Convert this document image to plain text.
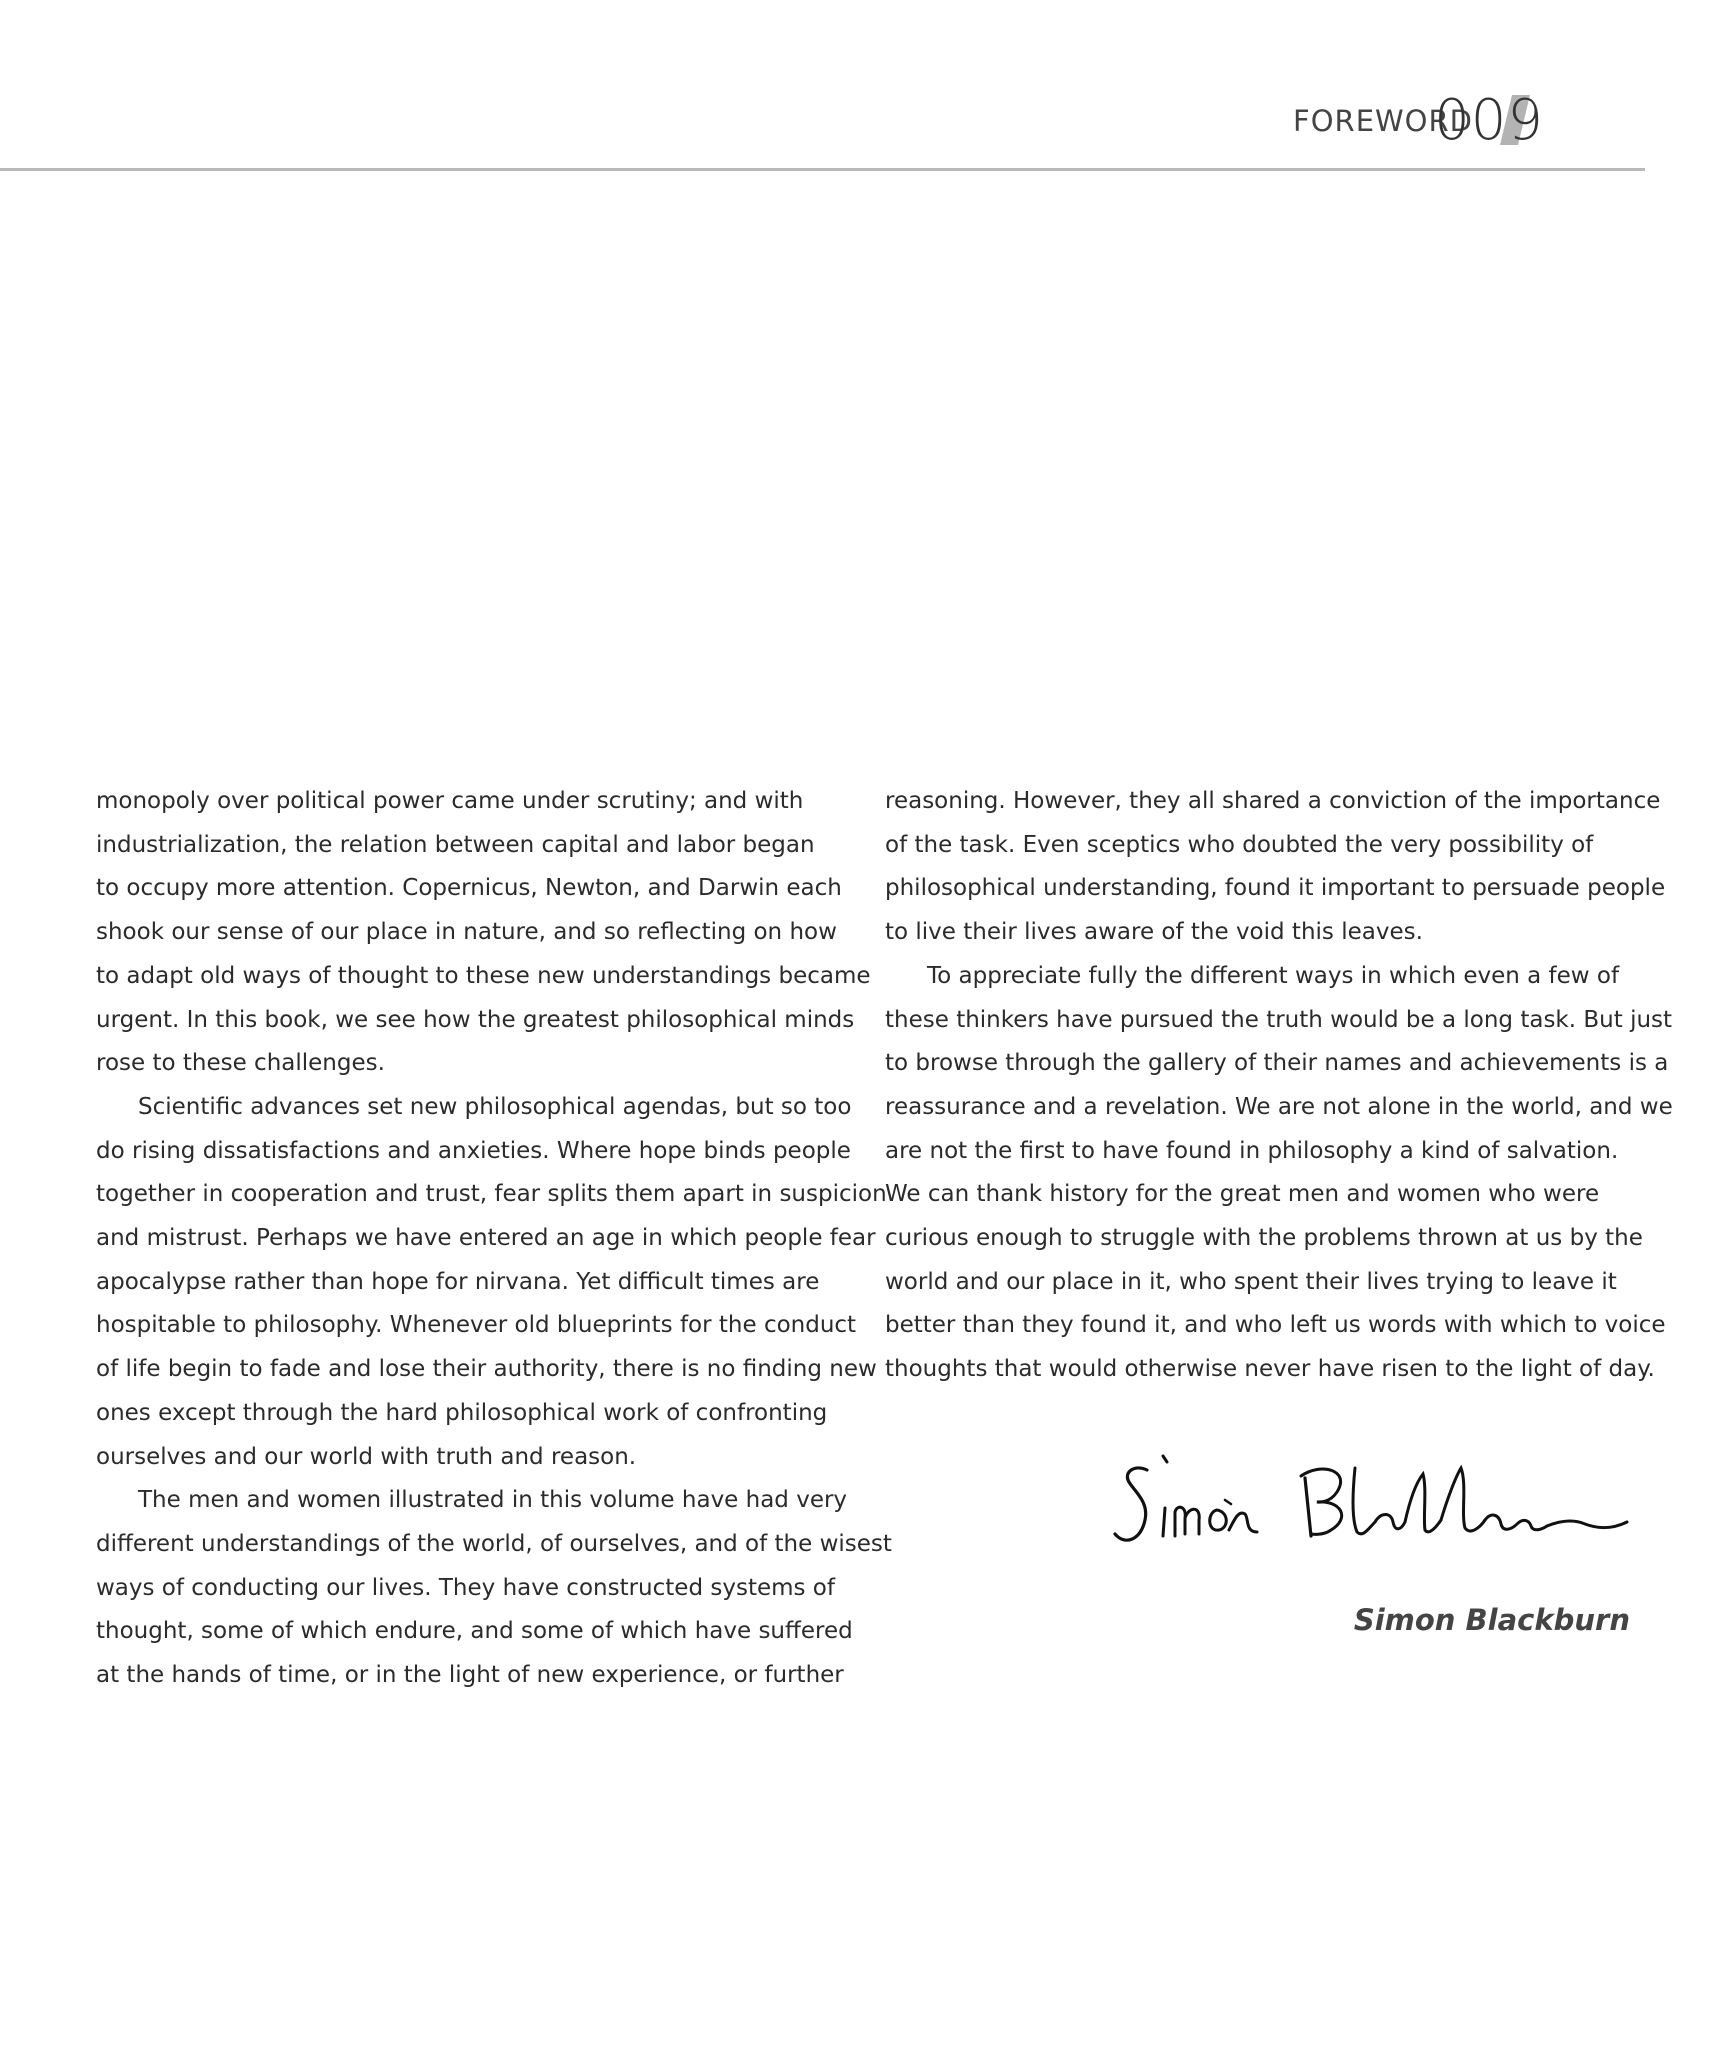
FOREWORD
009
monopoly over political power came under scrutiny; and with
industrialization, the relation between capital and labor began
to occupy more attention. Copernicus, Newton, and Darwin each
shook our sense of our place in nature, and so reflecting on how
to adapt old ways of thought to these new understandings became
urgent. In this book, we see how the greatest philosophical minds
rose to these challenges.
Scientific advances set new philosophical agendas, but so too
do rising dissatisfactions and anxieties. Where hope binds people
together in cooperation and trust, fear splits them apart in suspicion
and mistrust. Perhaps we have entered an age in which people fear
apocalypse rather than hope for nirvana. Yet difficult times are
hospitable to philosophy. Whenever old blueprints for the conduct
of life begin to fade and lose their authority, there is no finding new
ones except through the hard philosophical work of confronting
ourselves and our world with truth and reason.
The men and women illustrated in this volume have had very
different understandings of the world, of ourselves, and of the wisest
ways of conducting our lives. They have constructed systems of
thought, some of which endure, and some of which have suffered
at the hands of time, or in the light of new experience, or further
reasoning. However, they all shared a conviction of the importance
of the task. Even sceptics who doubted the very possibility of
philosophical understanding, found it important to persuade people
to live their lives aware of the void this leaves.
To appreciate fully the different ways in which even a few of
these thinkers have pursued the truth would be a long task. But just
to browse through the gallery of their names and achievements is a
reassurance and a revelation. We are not alone in the world, and we
are not the first to have found in philosophy a kind of salvation.
We can thank history for the great men and women who were
curious enough to struggle with the problems thrown at us by the
world and our place in it, who spent their lives trying to leave it
better than they found it, and who left us words with which to voice
thoughts that would otherwise never have risen to the light of day.
Simon Blackburn
